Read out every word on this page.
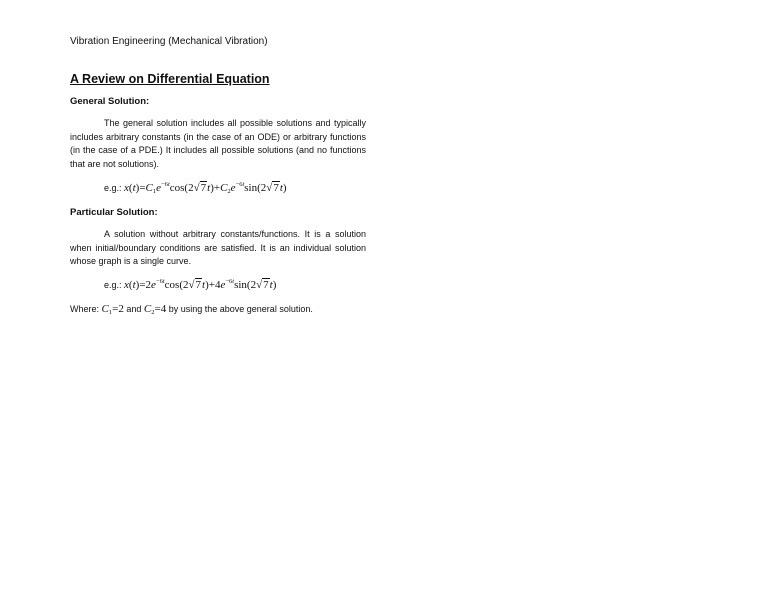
Vibration Engineering (Mechanical Vibration)
A Review on Differential Equation
General Solution:

The general solution includes all possible solutions and typically includes arbitrary constants (in the case of an ODE) or arbitrary functions (in the case of a PDE.) It includes all possible solutions (and no functions that are not solutions).

e.g.: $x(t)=C_1e^{-6t}\cos(2√7t)+C_2e^{-6t}\sin(2√7t)$
Particular Solution:

A solution without arbitrary constants/functions. It is a solution when initial/boundary conditions are satisfied. It is an individual solution whose graph is a single curve.

e.g.: $x(t)=2e^{-6t}\cos(2√7t)+4e^{-6t}\sin(2√7t)$
Where: $C_1=2$ and $C_2=4$ by using the above general solution.
